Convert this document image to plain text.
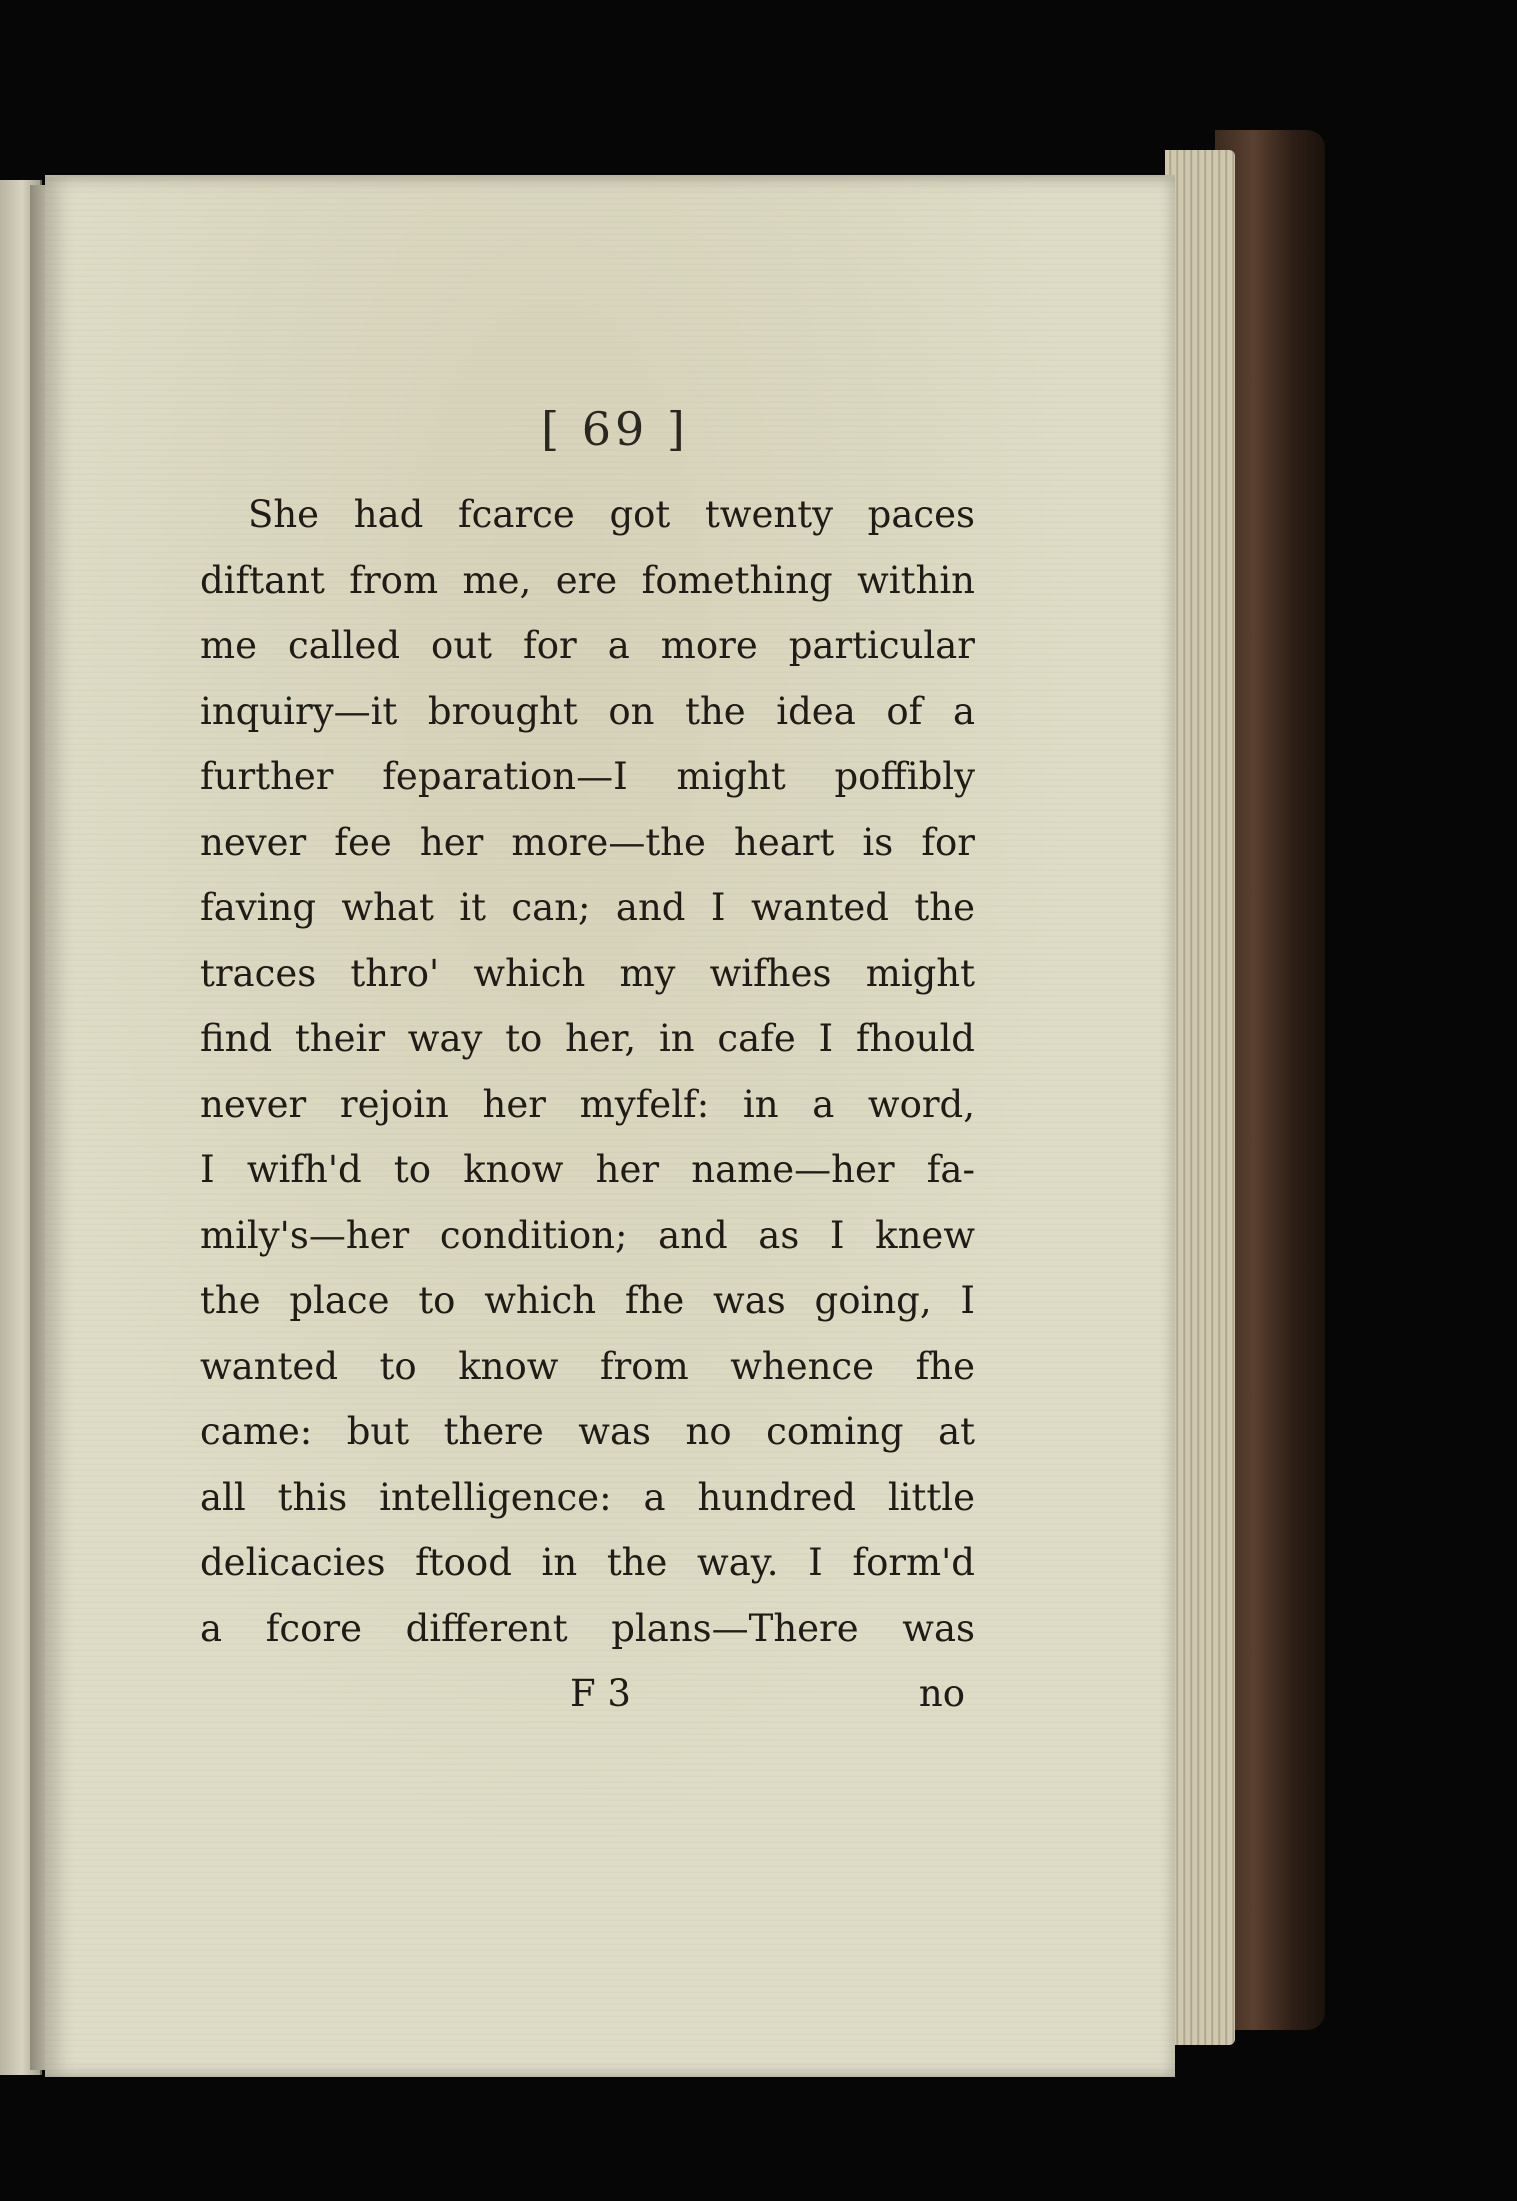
[ 69 ]
She had fcarce got twenty paces
diftant from me, ere fomething within
me called out for a more particular
inquiry—it brought on the idea of a
further feparation—I might poffibly
never fee her more—the heart is for
faving what it can; and I wanted the
traces thro' which my wifhes might
find their way to her, in cafe I fhould
never rejoin her myfelf: in a word,
I wifh'd to know her name—her fa-
mily's—her condition; and as I knew
the place to which fhe was going, I
wanted to know from whence fhe
came: but there was no coming at
all this intelligence: a hundred little
delicacies ftood in the way. I form'd
a fcore different plans—There was
F 3	no
